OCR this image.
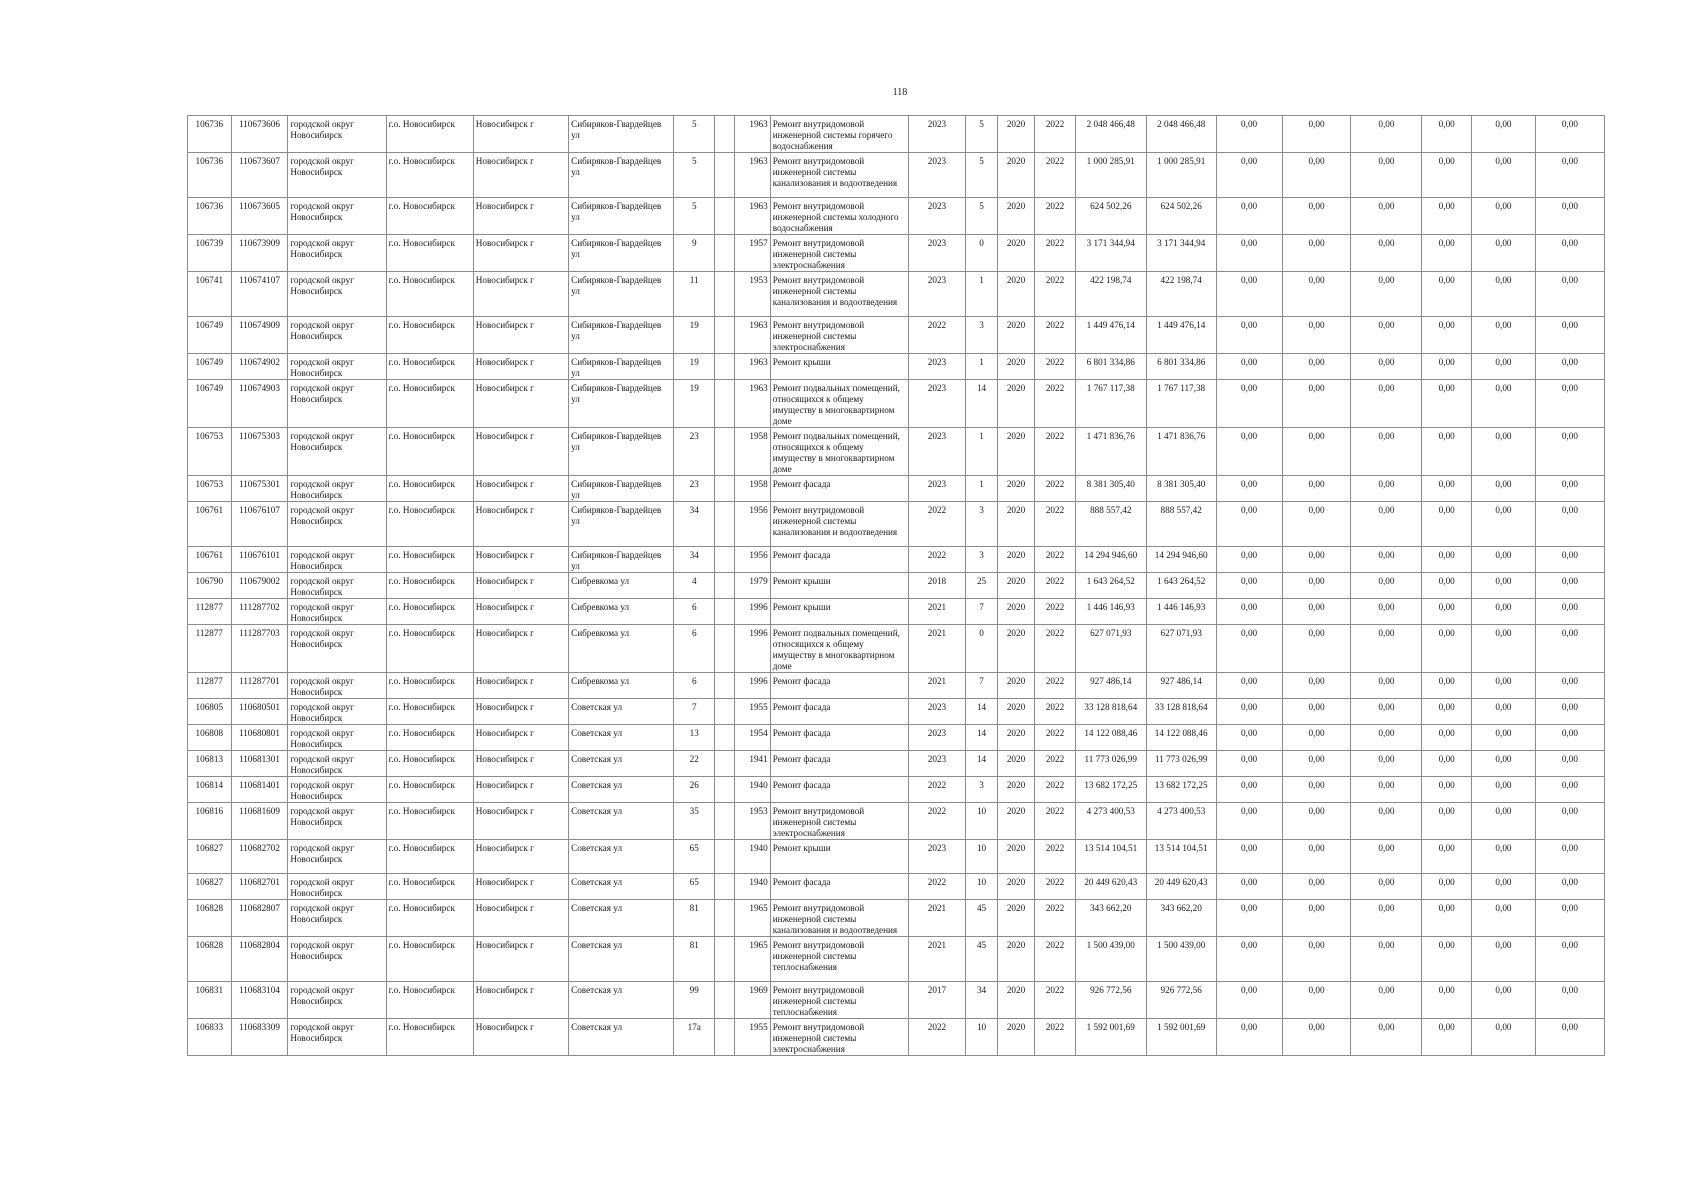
118
106736	110673606	городской округ Новосибирск	г.о. Новосибирск	Новосибирск г	Сибиряков-Гвардейцев ул	5		1963	Ремонт внутридомовой инженерной системы горячего водоснабжения	2023	5	2020	2022	2 048 466,48	2 048 466,48	0,00	0,00	0,00	0,00	0,00	0,00
106736	110673607	городской округ Новосибирск	г.о. Новосибирск	Новосибирск г	Сибиряков-Гвардейцев ул	5		1963	Ремонт внутридомовой инженерной системы канализования и водоотведения	2023	5	2020	2022	1 000 285,91	1 000 285,91	0,00	0,00	0,00	0,00	0,00	0,00
106736	110673605	городской округ Новосибирск	г.о. Новосибирск	Новосибирск г	Сибиряков-Гвардейцев ул	5		1963	Ремонт внутридомовой инженерной системы холодного водоснабжения	2023	5	2020	2022	624 502,26	624 502,26	0,00	0,00	0,00	0,00	0,00	0,00
106739	110673909	городской округ Новосибирск	г.о. Новосибирск	Новосибирск г	Сибиряков-Гвардейцев ул	9		1957	Ремонт внутридомовой инженерной системы электроснабжения	2023	0	2020	2022	3 171 344,94	3 171 344,94	0,00	0,00	0,00	0,00	0,00	0,00
106741	110674107	городской округ Новосибирск	г.о. Новосибирск	Новосибирск г	Сибиряков-Гвардейцев ул	11		1953	Ремонт внутридомовой инженерной системы канализования и водоотведения	2023	1	2020	2022	422 198,74	422 198,74	0,00	0,00	0,00	0,00	0,00	0,00
106749	110674909	городской округ Новосибирск	г.о. Новосибирск	Новосибирск г	Сибиряков-Гвардейцев ул	19		1963	Ремонт внутридомовой инженерной системы электроснабжения	2022	3	2020	2022	1 449 476,14	1 449 476,14	0,00	0,00	0,00	0,00	0,00	0,00
106749	110674902	городской округ Новосибирск	г.о. Новосибирск	Новосибирск г	Сибиряков-Гвардейцев ул	19		1963	Ремонт крыши	2023	1	2020	2022	6 801 334,86	6 801 334,86	0,00	0,00	0,00	0,00	0,00	0,00
106749	110674903	городской округ Новосибирск	г.о. Новосибирск	Новосибирск г	Сибиряков-Гвардейцев ул	19		1963	Ремонт подвальных помещений, относящихся к общему имуществу в многоквартирном доме	2023	14	2020	2022	1 767 117,38	1 767 117,38	0,00	0,00	0,00	0,00	0,00	0,00
106753	110675303	городской округ Новосибирск	г.о. Новосибирск	Новосибирск г	Сибиряков-Гвардейцев ул	23		1958	Ремонт подвальных помещений, относящихся к общему имуществу в многоквартирном доме	2023	1	2020	2022	1 471 836,76	1 471 836,76	0,00	0,00	0,00	0,00	0,00	0,00
106753	110675301	городской округ Новосибирск	г.о. Новосибирск	Новосибирск г	Сибиряков-Гвардейцев ул	23		1958	Ремонт фасада	2023	1	2020	2022	8 381 305,40	8 381 305,40	0,00	0,00	0,00	0,00	0,00	0,00
106761	110676107	городской округ Новосибирск	г.о. Новосибирск	Новосибирск г	Сибиряков-Гвардейцев ул	34		1956	Ремонт внутридомовой инженерной системы канализования и водоотведения	2022	3	2020	2022	888 557,42	888 557,42	0,00	0,00	0,00	0,00	0,00	0,00
106761	110676101	городской округ Новосибирск	г.о. Новосибирск	Новосибирск г	Сибиряков-Гвардейцев ул	34		1956	Ремонт фасада	2022	3	2020	2022	14 294 946,60	14 294 946,60	0,00	0,00	0,00	0,00	0,00	0,00
106790	110679002	городской округ Новосибирск	г.о. Новосибирск	Новосибирск г	Сибревкома ул	4		1979	Ремонт крыши	2018	25	2020	2022	1 643 264,52	1 643 264,52	0,00	0,00	0,00	0,00	0,00	0,00
112877	111287702	городской округ Новосибирск	г.о. Новосибирск	Новосибирск г	Сибревкома ул	6		1996	Ремонт крыши	2021	7	2020	2022	1 446 146,93	1 446 146,93	0,00	0,00	0,00	0,00	0,00	0,00
112877	111287703	городской округ Новосибирск	г.о. Новосибирск	Новосибирск г	Сибревкома ул	6		1996	Ремонт подвальных помещений, относящихся к общему имуществу в многоквартирном доме	2021	0	2020	2022	627 071,93	627 071,93	0,00	0,00	0,00	0,00	0,00	0,00
112877	111287701	городской округ Новосибирск	г.о. Новосибирск	Новосибирск г	Сибревкома ул	6		1996	Ремонт фасада	2021	7	2020	2022	927 486,14	927 486,14	0,00	0,00	0,00	0,00	0,00	0,00
106805	110680501	городской округ Новосибирск	г.о. Новосибирск	Новосибирск г	Советская ул	7		1955	Ремонт фасада	2023	14	2020	2022	33 128 818,64	33 128 818,64	0,00	0,00	0,00	0,00	0,00	0,00
106808	110680801	городской округ Новосибирск	г.о. Новосибирск	Новосибирск г	Советская ул	13		1954	Ремонт фасада	2023	14	2020	2022	14 122 088,46	14 122 088,46	0,00	0,00	0,00	0,00	0,00	0,00
106813	110681301	городской округ Новосибирск	г.о. Новосибирск	Новосибирск г	Советская ул	22		1941	Ремонт фасада	2023	14	2020	2022	11 773 026,99	11 773 026,99	0,00	0,00	0,00	0,00	0,00	0,00
106814	110681401	городской округ Новосибирск	г.о. Новосибирск	Новосибирск г	Советская ул	26		1940	Ремонт фасада	2022	3	2020	2022	13 682 172,25	13 682 172,25	0,00	0,00	0,00	0,00	0,00	0,00
106816	110681609	городской округ Новосибирск	г.о. Новосибирск	Новосибирск г	Советская ул	35		1953	Ремонт внутридомовой инженерной системы электроснабжения	2022	10	2020	2022	4 273 400,53	4 273 400,53	0,00	0,00	0,00	0,00	0,00	0,00
106827	110682702	городской округ Новосибирск	г.о. Новосибирск	Новосибирск г	Советская ул	65		1940	Ремонт крыши	2023	10	2020	2022	13 514 104,51	13 514 104,51	0,00	0,00	0,00	0,00	0,00	0,00
106827	110682701	городской округ Новосибирск	г.о. Новосибирск	Новосибирск г	Советская ул	65		1940	Ремонт фасада	2022	10	2020	2022	20 449 620,43	20 449 620,43	0,00	0,00	0,00	0,00	0,00	0,00
106828	110682807	городской округ Новосибирск	г.о. Новосибирск	Новосибирск г	Советская ул	81		1965	Ремонт внутридомовой инженерной системы канализования и водоотведения	2021	45	2020	2022	343 662,20	343 662,20	0,00	0,00	0,00	0,00	0,00	0,00
106828	110682804	городской округ Новосибирск	г.о. Новосибирск	Новосибирск г	Советская ул	81		1965	Ремонт внутридомовой инженерной системы теплоснабжения	2021	45	2020	2022	1 500 439,00	1 500 439,00	0,00	0,00	0,00	0,00	0,00	0,00
106831	110683104	городской округ Новосибирск	г.о. Новосибирск	Новосибирск г	Советская ул	99		1969	Ремонт внутридомовой инженерной системы теплоснабжения	2017	34	2020	2022	926 772,56	926 772,56	0,00	0,00	0,00	0,00	0,00	0,00
106833	110683309	городской округ Новосибирск	г.о. Новосибирск	Новосибирск г	Советская ул	17а		1955	Ремонт внутридомовой инженерной системы электроснабжения	2022	10	2020	2022	1 592 001,69	1 592 001,69	0,00	0,00	0,00	0,00	0,00	0,00
